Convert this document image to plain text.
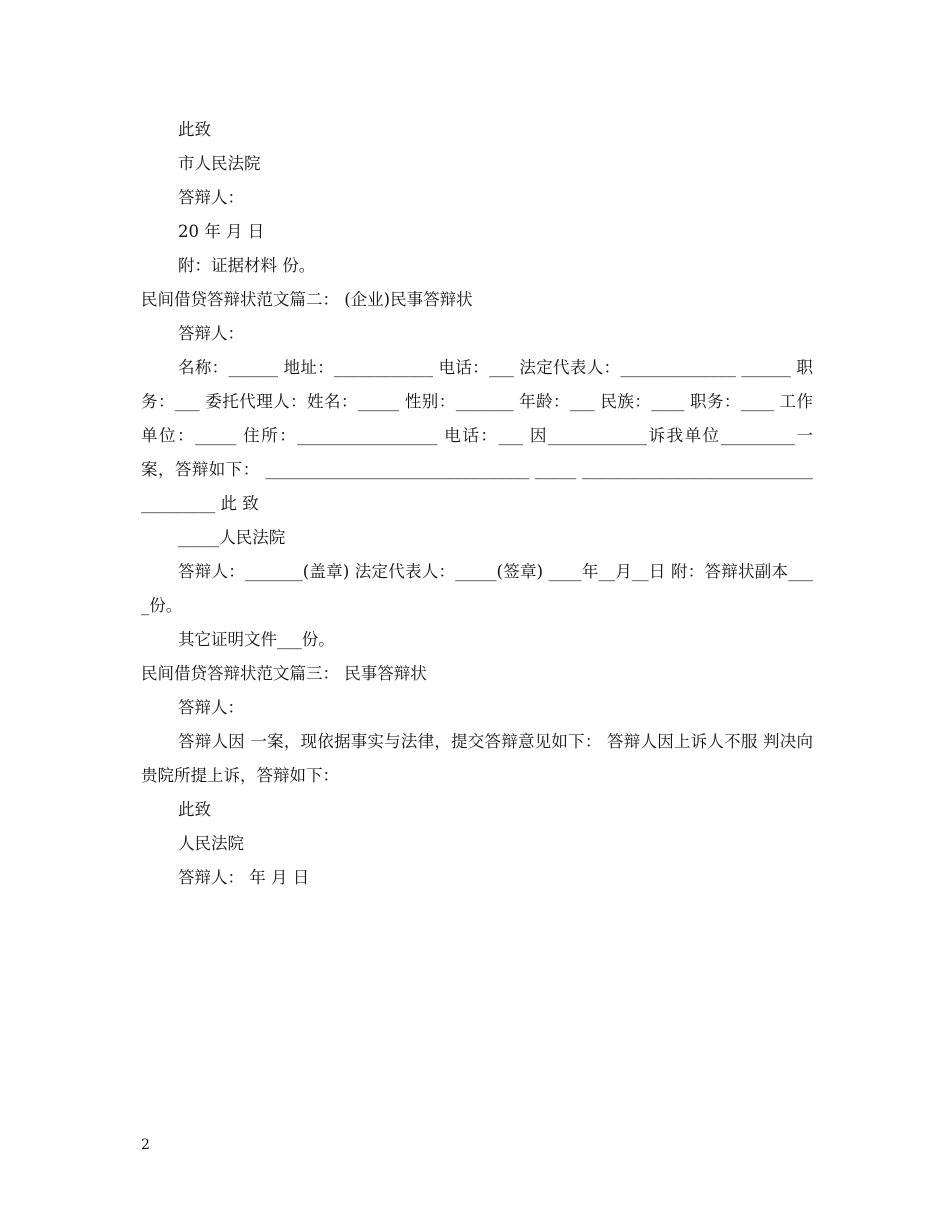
此致

市人民法院

答辩人：

20 年 月 日

附：证据材料 份。

民间借贷答辩状范文篇二： (企业)民事答辩状

答辩人：

名称：______ 地址：____________ 电话：___ 法定代表人：______________ ______ 职务：___ 委托代理人：姓名：_____ 性别：_______ 年龄：___ 民族：____ 职务：____ 工作单位：_____ 住所：_________________ 电话：___ 因____________诉我单位_________一案，答辩如下： ________________________________ _____ _____________________________________ 此 致

_____人民法院

答辩人：_______(盖章) 法定代表人：_____(签章) ____年__月__日 附：答辩状副本____份。

其它证明文件___份。

民间借贷答辩状范文篇三： 民事答辩状

答辩人：

答辩人因 一案，现依据事实与法律，提交答辩意见如下： 答辩人因上诉人不服 判决向贵院所提上诉，答辩如下：

此致

人民法院

答辩人： 年 月 日

2
